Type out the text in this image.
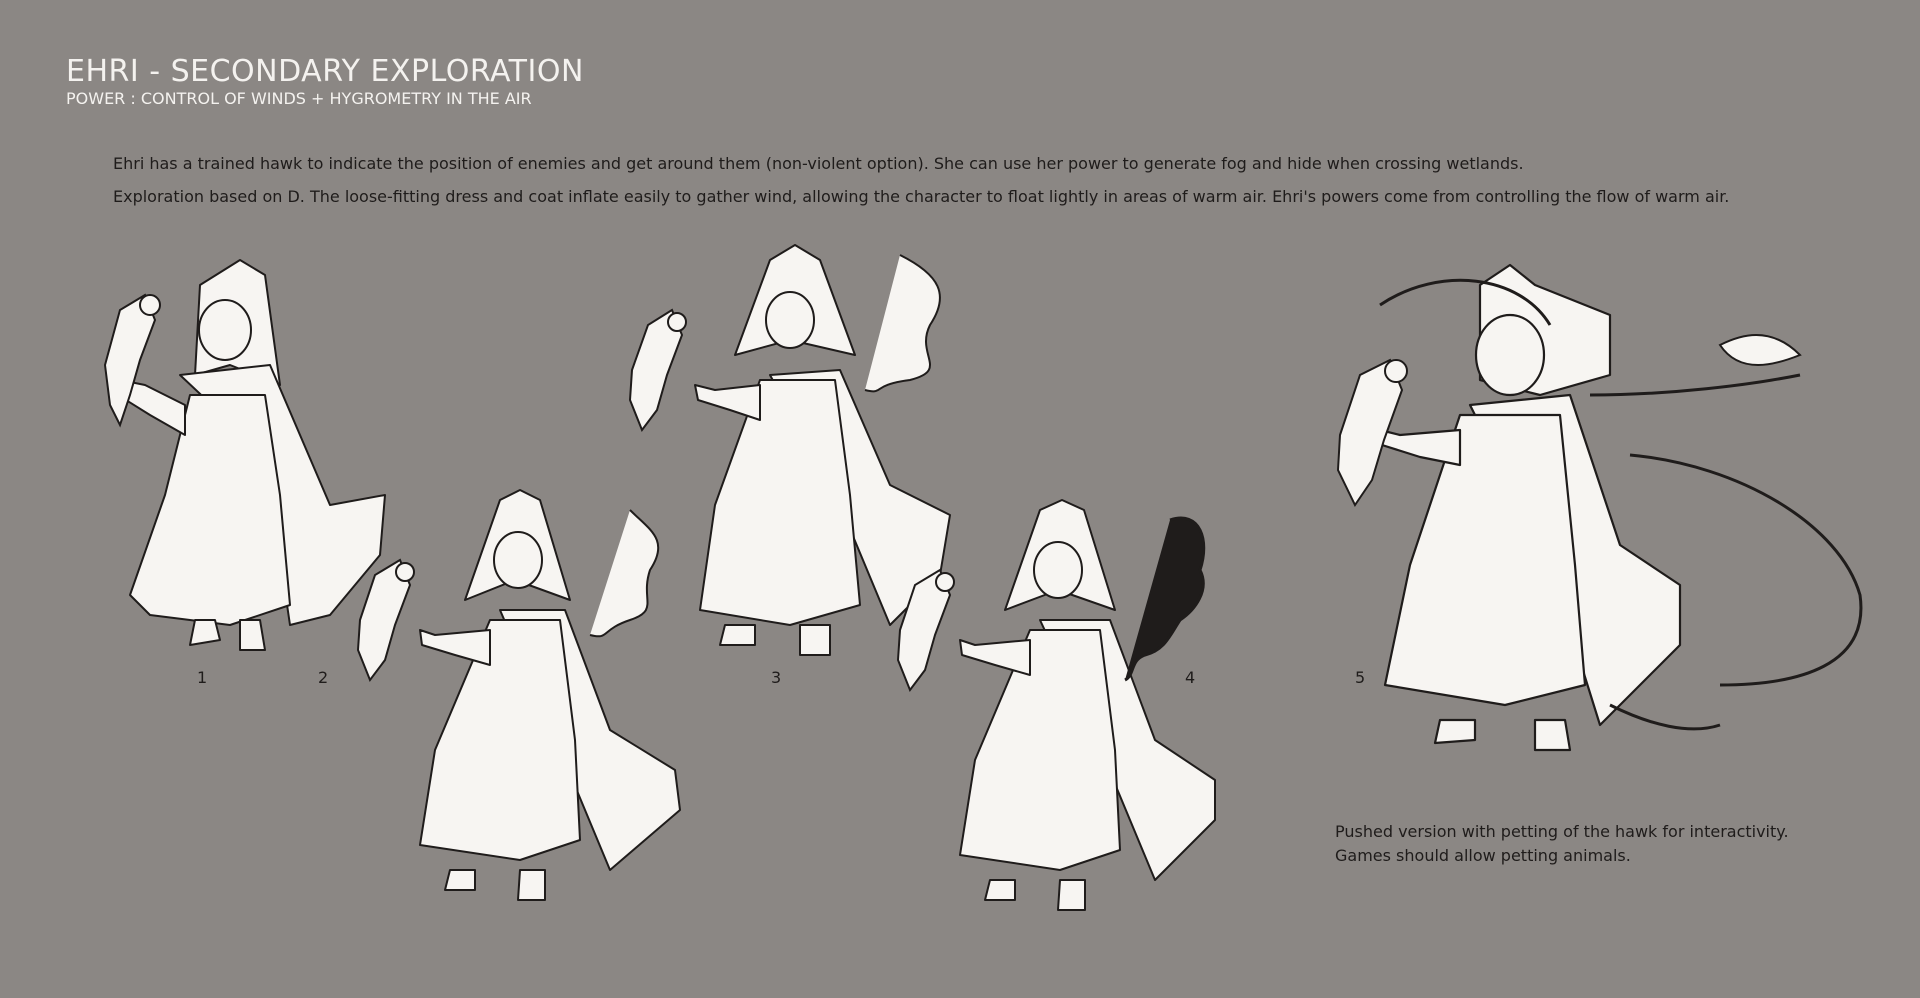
EHRI - SECONDARY EXPLORATION
POWER : CONTROL OF WINDS + HYGROMETRY IN THE AIR
Ehri has a trained hawk to indicate the position of enemies and get around them (non-violent option). She can use her power to generate fog and hide when crossing wetlands.
Exploration based on D. The loose-fitting dress and coat inflate easily to gather wind, allowing the character to float lightly in areas of warm air. Ehri's powers come from controlling the flow of warm air.
1	2	3	4	5
Pushed version with petting of the hawk for interactivity.
Games should allow petting animals.
